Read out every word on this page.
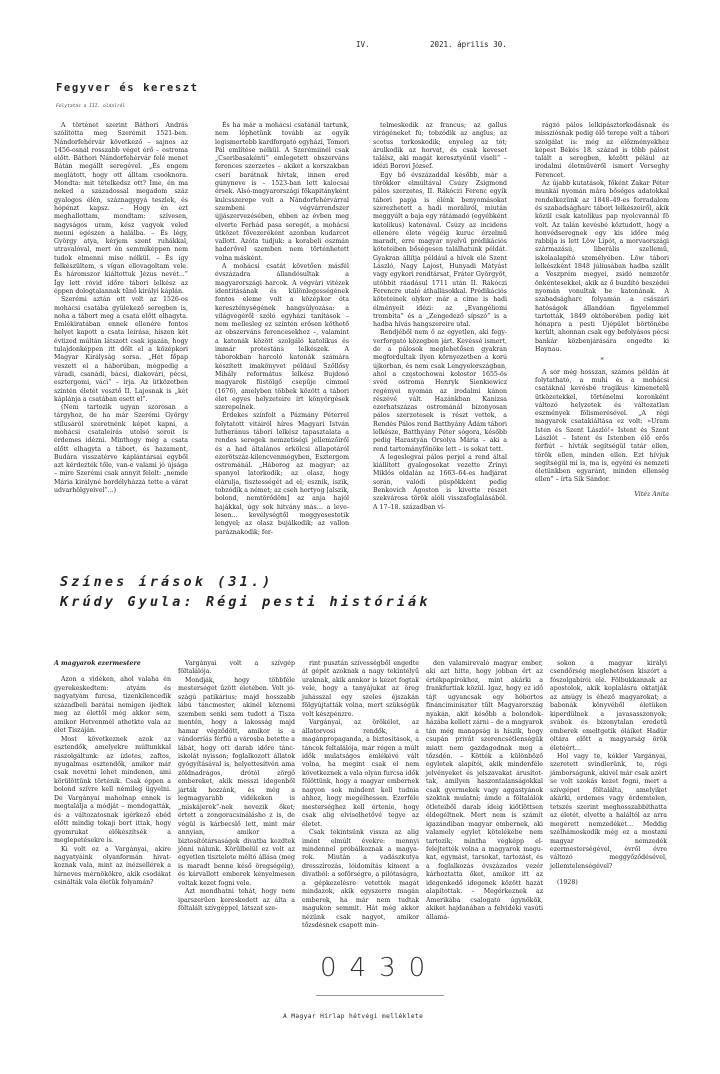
IV.	2021. április 30.
Fegyver és kereszt
Folytatás a III. oldalról

A történet szerint Báthori András szólította meg Szerémit 1521-ben. Nándorfehérvár következő – sajnos az 1456-osnál rosszabb véget érő – ostroma előtt. Báthori Nándorfehérvár felé menet Bátán megállt seregével. „És engem meglátott, hogy ott álltam csoóknora. Mondta: mit tételkedsz ott? Íme, én ma neked a századossal megadom száz gyalogos élén, száznagygyá teszlek, és hópénzt kapsz. – Hogy én ezt meghallottam, mondtam: szívesen, nagyságos uram, kész vagyok veled menni egészen a halálba. – És légy, György atya, kérjem szent ruhákkal, utravalóval, mert én semmiképpen nem tudok elmenni mise nélkül. – És így felkészültem, s vígan ellovagoltam vele. És háromszor kiáltottuk Jézus nevét...” Így lett róvid időre tábori lelkész az éppen dologtalannak tűnő királyi káplán.

Szerémi aztán ott volt az 1526-os mohácsi csatába gyülekező seregben is, noha a tábort meg a csata előtt elhagyta. Emlékiratában ennek ellenére fontos helyet kapott a csata leírása, hiszen két évtized múltán látszott csak igazán, hogy tulajdonképpen itt dőlt el a középkori Magyar Királyság sorsa. „Hét főpap veszett el a háborúban, mégpedig a váradi, csanádi, bácsi, diakovári, pécsi, esztergomi, váci” – írja. Az ütközetben szintén életét vesztő II. Lajosnak is „két káplánja a csatában esett el”.

(Nem tartozik ugyan szorosan a tárgyhoz, de ha már Szerémi György stílusáról szeretnénk képet kapni, a mohácsi csataleírás utolsó soroit is érdemes idézni. Minthogy még a csata előtt elhagyta a tábort, és hazament, Budára visszatérve káplántársai egyből azt kérdezték tőle, van-e valami jó újsága – mire Szerémi csak annyit felelt: „nemde Mária királyné bordélyházzá tette a várat udvarhölgyeivel”...)

És ha már a mohácsi csatánál tartunk, nem léphetünk tovább az egyik legismertebb kardforgató egyházi, Tomori Pál említése nélkül. A Szerémiinél csak „Cseribasakénti” emlegetett obszerváns ferences szerzetes – akiket a korszakban cseri barátnak hívtak, innen ered gúnyneve is – 1523-ban lett kalocsai érsek. Alsó-magyarországi főkapitányként kulcsszerepe volt a Nándorfehérvárral szembeni végvárrendszer újjászervezésében, ebben az évben meg elverte Ferhád pasa seregét, a mohácsi ütközet fővezeréként azonban kudarcot vallott. Azóta tudjuk: a korabeli oszmán haderővel szemben nem történhetett volna másként.

A mohácsi csatát követően másfél évszázadra állandósultak a magyarországi harcok. A végvári vitézek identitásának és különlegességének fontos eleme volt a középkor óta kereszténységének hangsúlyozása: a világvégéről szóló egyházi tanítások – nem mellesleg ez szintén erősen köthető az obszerváns ferencesekhez –, valamint a katonák között szolgáló katolikus és immár protestáns lelkészek. A táborokban harcoló katonák számára készített imakönyvet például Szőllősy Mihály református lelkész Bujdosó magyarok füstölgő csepűje címmel (1676), amelyben többek között a tábori élet egyes helyzeteire írt könyörgések szerepelnek.

Érdekes színfolt a Pázmány Péterrel folytatott vitáiról híres Magyari István lutheránus tábori lelkész tapasztalata a rendes seregek nemzetiségi jellemzőiről és a had általános erkölcsi állapotáról ezerötszáz-kilencvenmégyben, Esztergom ostrománál. „Háborog az magyar; az spanyol latorkodik; az olasz, hogy elárulja, tisztességét ad el; esznik, iszik, tobzódik a német; az cseh hortyog [alszik, bolond, nemtörődöm] az anja hajól hajákkal, úgy sok hitvány más… a levelesen... kevélységtől meggyesestetik lengyel; az olasz bujálkodik; az vallon paráznakodik; fer-

telmeskedik az francus; az gallus virágéneket fú; tobzódik az anglus; az scotus torkoskodik; enyeleg az tót; árulkodik az horvát, és csak keveset találsz, aki magát keresztyénül viseli” – idézi Borovi József.

Egy bő évszázaddal később, már a törökkor elmúltával Csúzy Zsigmond pálos szerzetes, II. Rákóczi Ferenc egyik tábori papja is élénk benyomásokat szerezhetett a hadi moráliról, miután meggyúlt a baja egy rátámadó (egyébként katolikus) katonával. Csúzy az incidens ellenére élete végéig kuruc érzelmű maradt, erre magyar nyelvű prédikációs köteteiben bőségesen találhatunk példát. Gyakran állítja például a hívek elé Szent László, Nagy Lajost, Hunyadi Mátyást vagy egykori rendtársat, Fráter Györgyöt, utóbbit ráadásul 1711 után II. Rákóczi Ferencre utaló áthallásokkal. Prédikációs köteteinek olykor már a címe is hadi élményeit idézi: az „Evangéliomi trombita” és a „Zengedező sípszó” is a hadba hívás hangszereire utal.

Rendjéből nem ő az egyetlen, aki fegyverforgató közegben járt. Kevéssé ismert, de a pálosok meglehetősen gyakran megfordultak ilyen környezetben a korú újkorban, és nem csak Lengyelországban, ahol a częstochowai kolostor 1655-ös svéd ostroma Henryk Sienkiewicz regényei nyomán az irodalmi kánon részévé vált. Hazánkban Kanizsa ezerhatszázas ostrománál bizonyosan pálos szerzetesek is részt vettek, a Rendés Pálos rend Batthyány Ádám tábori lelkésze, Batthyány Péter sógora, később pedig Harastyán Orsolya Mária – aki a rend tartományfőnöke lett – is sokat tett.

A legeslegvai pálos perjel a rend által kiállított gyalogosokat vezette Zrínyi Miklós oldalán az 1663–64-es hadjárat során, valódi püspökként pedig Benkovich Ágoston is kivette részét szekvárosa török alóli visszafoglalásából. A 17–18. században ví-

rágzó pálos lelkipásztorkodásnak és missziósnak pedig élő terepe volt a tábori szolgálat is: még az előzményekhez képest Békés 18. század is több pálost talált a seregben, között pélául az irodalmi életművéről ismert Verseghy Ferencet.

Az újabb kutatások, főként Zakar Péter munkái nyomán mára bőséges adatokkal rendelkezünk az 1848–49-es forradalom és szabadságharc tábori lelkészeiről, akik közül csak katolikus pap nyolcvannál fö volt. Az talán kevésbé köztudott, hogy a honvédseregnek egy kis időre még rabbija is lett Löw Lipót, a morvaországi származású, liberális szellemű, iskolaalapító személyében. Löw tábori lelkészként 1848 júliusában hadba szállt a Veszprém megyei, zsidó nemzetőr önkéntesekkel, akik az ő buzdító beszédei nyomán vonultak be katonának. A szabadságharc folyamán a császári hatóságok állandóan figyelemmel tartották, 1849 októberében pedig két hónapra a pesti Újépület börtönébe került, ahonnan csak egy befolyásos pécsi bankár közbenjárására engedte ki Haynau.

*

A sor még hosszan, számos példán át folytatható, a muhi és a mohácsi csatáknál kevésbé tragikus kimenetelű ütközetekkel, történelmi koronként változó helyzetek és változatlan eszmények fölismerésével. „A régi magyarok csatakiáltása ez volt: »Uram Isten és Szent László!« Istent és Szent Lászlót – Istent és Istenben élő erős férfiút – hívták segítségül tatár ellen, török ellen, minden ellen. Ezt hívjuk segítségül mi is, ma is, egyéni és nemzeti életünkben egyaránt, minden ellenség ellen” – írta Sík Sándor.

Vitéz Anita

Színes írások (31.)
Krúdy Gyula: Régi pesti históriák

A magyarok ezermestere

Azon a vidéken, ahol valaha én gyerekeskedtem: atyám és nagyatyám furcsa, tizenkilencedik századbeli barátai nemigen ijedtek meg az élettől még akkor sem, amikor Hetvenmél athetkte vala az élet Tiszáján.

Most következnek azok az esztendők, amelyekre múltunkkal rászolgáltunk: az ízletes, zaftos, nyugalmas esztendők, amikor már csak nevetni lehet mindenen, ami körülöttünk történik. Csak éppen a bolond szívre kell némileg ügyelni. De Vargányai maholnap ennek is megtalálja a módját – mondogatták, és a változatosnak ígérkező ebéd előtt mindig tokaji bort ittak, hogy gyomrukat előkészítsék a meglepetésekre is.

Ki volt ez a Vargányai, akire nagyatyáink olyanformán hivatkoznak vala, mint az ínézsellérek a hírneves mérnökökre, akik csodákat csinálták vala életük folyamán?

Vargányai volt a szívgép föltalálója.

Mondják, hogy többféle mesterséget űzött életében. Volt jószágú patikárius; majd hosszabb lábú táncmester, akinél köznemi szemben senki sem tudott a Tisza mentén, hogy a lakosság majd hamar végződött, amikor is a vándorríás férfiú a városba betette a lábát, hogy ott darab időre tánciskolát nyisson; foglalkozott állatok gyógyításával is, helyettesítvén ama zöldnadrágos, drótól zörgő embereket, akik messzi idegenből járták hozzánk, és még a legmagyarabb vidékeken is „miskájerek”-nek nevezik őket; értett a zongoracsinálásho z is, de végül is kárbecslő lett, mint már annyian, amikor a biztosítótársaságok divatba kezdtek jönni nálunk. Körülbelül ez volt az egyetlen tisztelete méltó állása (meg is maradt benne késő öregségéig), és kárvallott emberek kényelmesen voltak kezet fogni vele.

Azt mondhatni tehát, hogy nem iparszerűen kereskedett az álta a föltalált szívgéppel, látszat sze-

rint pusztán szívességből engedte át gépét azoknak a nagy tekintélyű uraknak, akik annkor is kezet fogtak vele, hogy a tanyájukat az öreg juhásszal egy szeles éjszakán fölgyújtatták volna, mert szükségük volt készpénzre.

Vargányai, az örökélet, az állatorvosi rendők, a magánpropaganda, a biztosítások, a táncok feltalálója, már régen a múlt idők mulatságos emlékévé vált volna, ha megint csak el nem következnek a vala olyan furcsa idők fölöttünk, hogy a magyar embernek nagyon sok mindent kell tudnia ahhoz, hogy megélhessen. Ezerféle mesterséghez kell értenie, hogy csak alig elviselhetővé tegye az életet.

Csak tekintsünk vissza az alig imént elmúlt évekre: mennyi mindennel próbálkoznak a magyarok. Miután a vadászkutya dresszírozás, lóidomítás kiment a divatból: a soförségre, a pilótaságra, a gépkezelésre vetették magát mindazok, akik egyszerre magán emberek, ha már nem tudtak magukon semmit. Hát még akkor nézünk csak nagyot, amikor tőzsdésnek csapott min-

den valamirevaló magyar ember, aki azt hitte, hogy jobban ért az értékpapírokhoz, mint akárki a frankfurtiak közül. Igaz, hogy ez idő tájt ugyancsak egy hóbortos finánciminiszter tűlt Magyarország nyakán, akit később a bolondokházába kellett zárni – de a magyarok tán még manapság is hiszik, hogy csupán privát szerencsétlenségük miatt nem gazdagodnak meg a tőzsdén. – Kötték a különböző egyletek alapítói, akik mindenféle jelvényeket és jelszavakat árusítottak, amilyen haszontalanságokkal csak gyermekek vagy aggastyánok szoktak mulatni; ámde a föltalálók ötleteiből darab ideig kiötlöttsen éldegéltnek. Mert nem is számít igazándiban magyar embernek, aki valamely egylet kötelékébe nem tartozik; mintha végképp elfelejtették volna a magyarok magukat, egymást, tarsokat, tartozást, és a foglalkozás évszázados vezér kárhoztatta őket, amikor itt az idegenkedő idegenek között hazát alapítottak. – Megérkeznek az Amerikába csalogató úgynökök, akiket hajdanában a felvidéki vasúti államá-

sokon a magyar királyi csendőrség meglehetősen kiszórt a fószolgabírói elé. Fölbukkannak az apostolok, akik koplalásra oktatják az amúgy is éhező magyarokat; a babonák könyvéből életüken kiperdülnek a javasasszonyok; svábok és bizonytalan eredetű emberek emeltgetik óláiket Hadúr oltára előtt a magyarság örök életéért…

Hol vagy te, kókler Vargányai, szeretett svindlerünk, te, régi jámborságunk, akivel már csak azért se volt szokás kezet fogni, mert a szívgépet föltalálta, amelyiket akárki, erdemes vagy érdemtelen, tetszés szerint meghosszabbíthatta az életét, elvette a haláltól az arra megérett nemzedéket… Meddig szélhámoskodik még ez a mostani magyar nemzedék ezermesterségével, évről évre változó meggyőződésével, jellemtelenségével?

(1928)

0430
A Magyar Hírlap hétvégi melléklete
